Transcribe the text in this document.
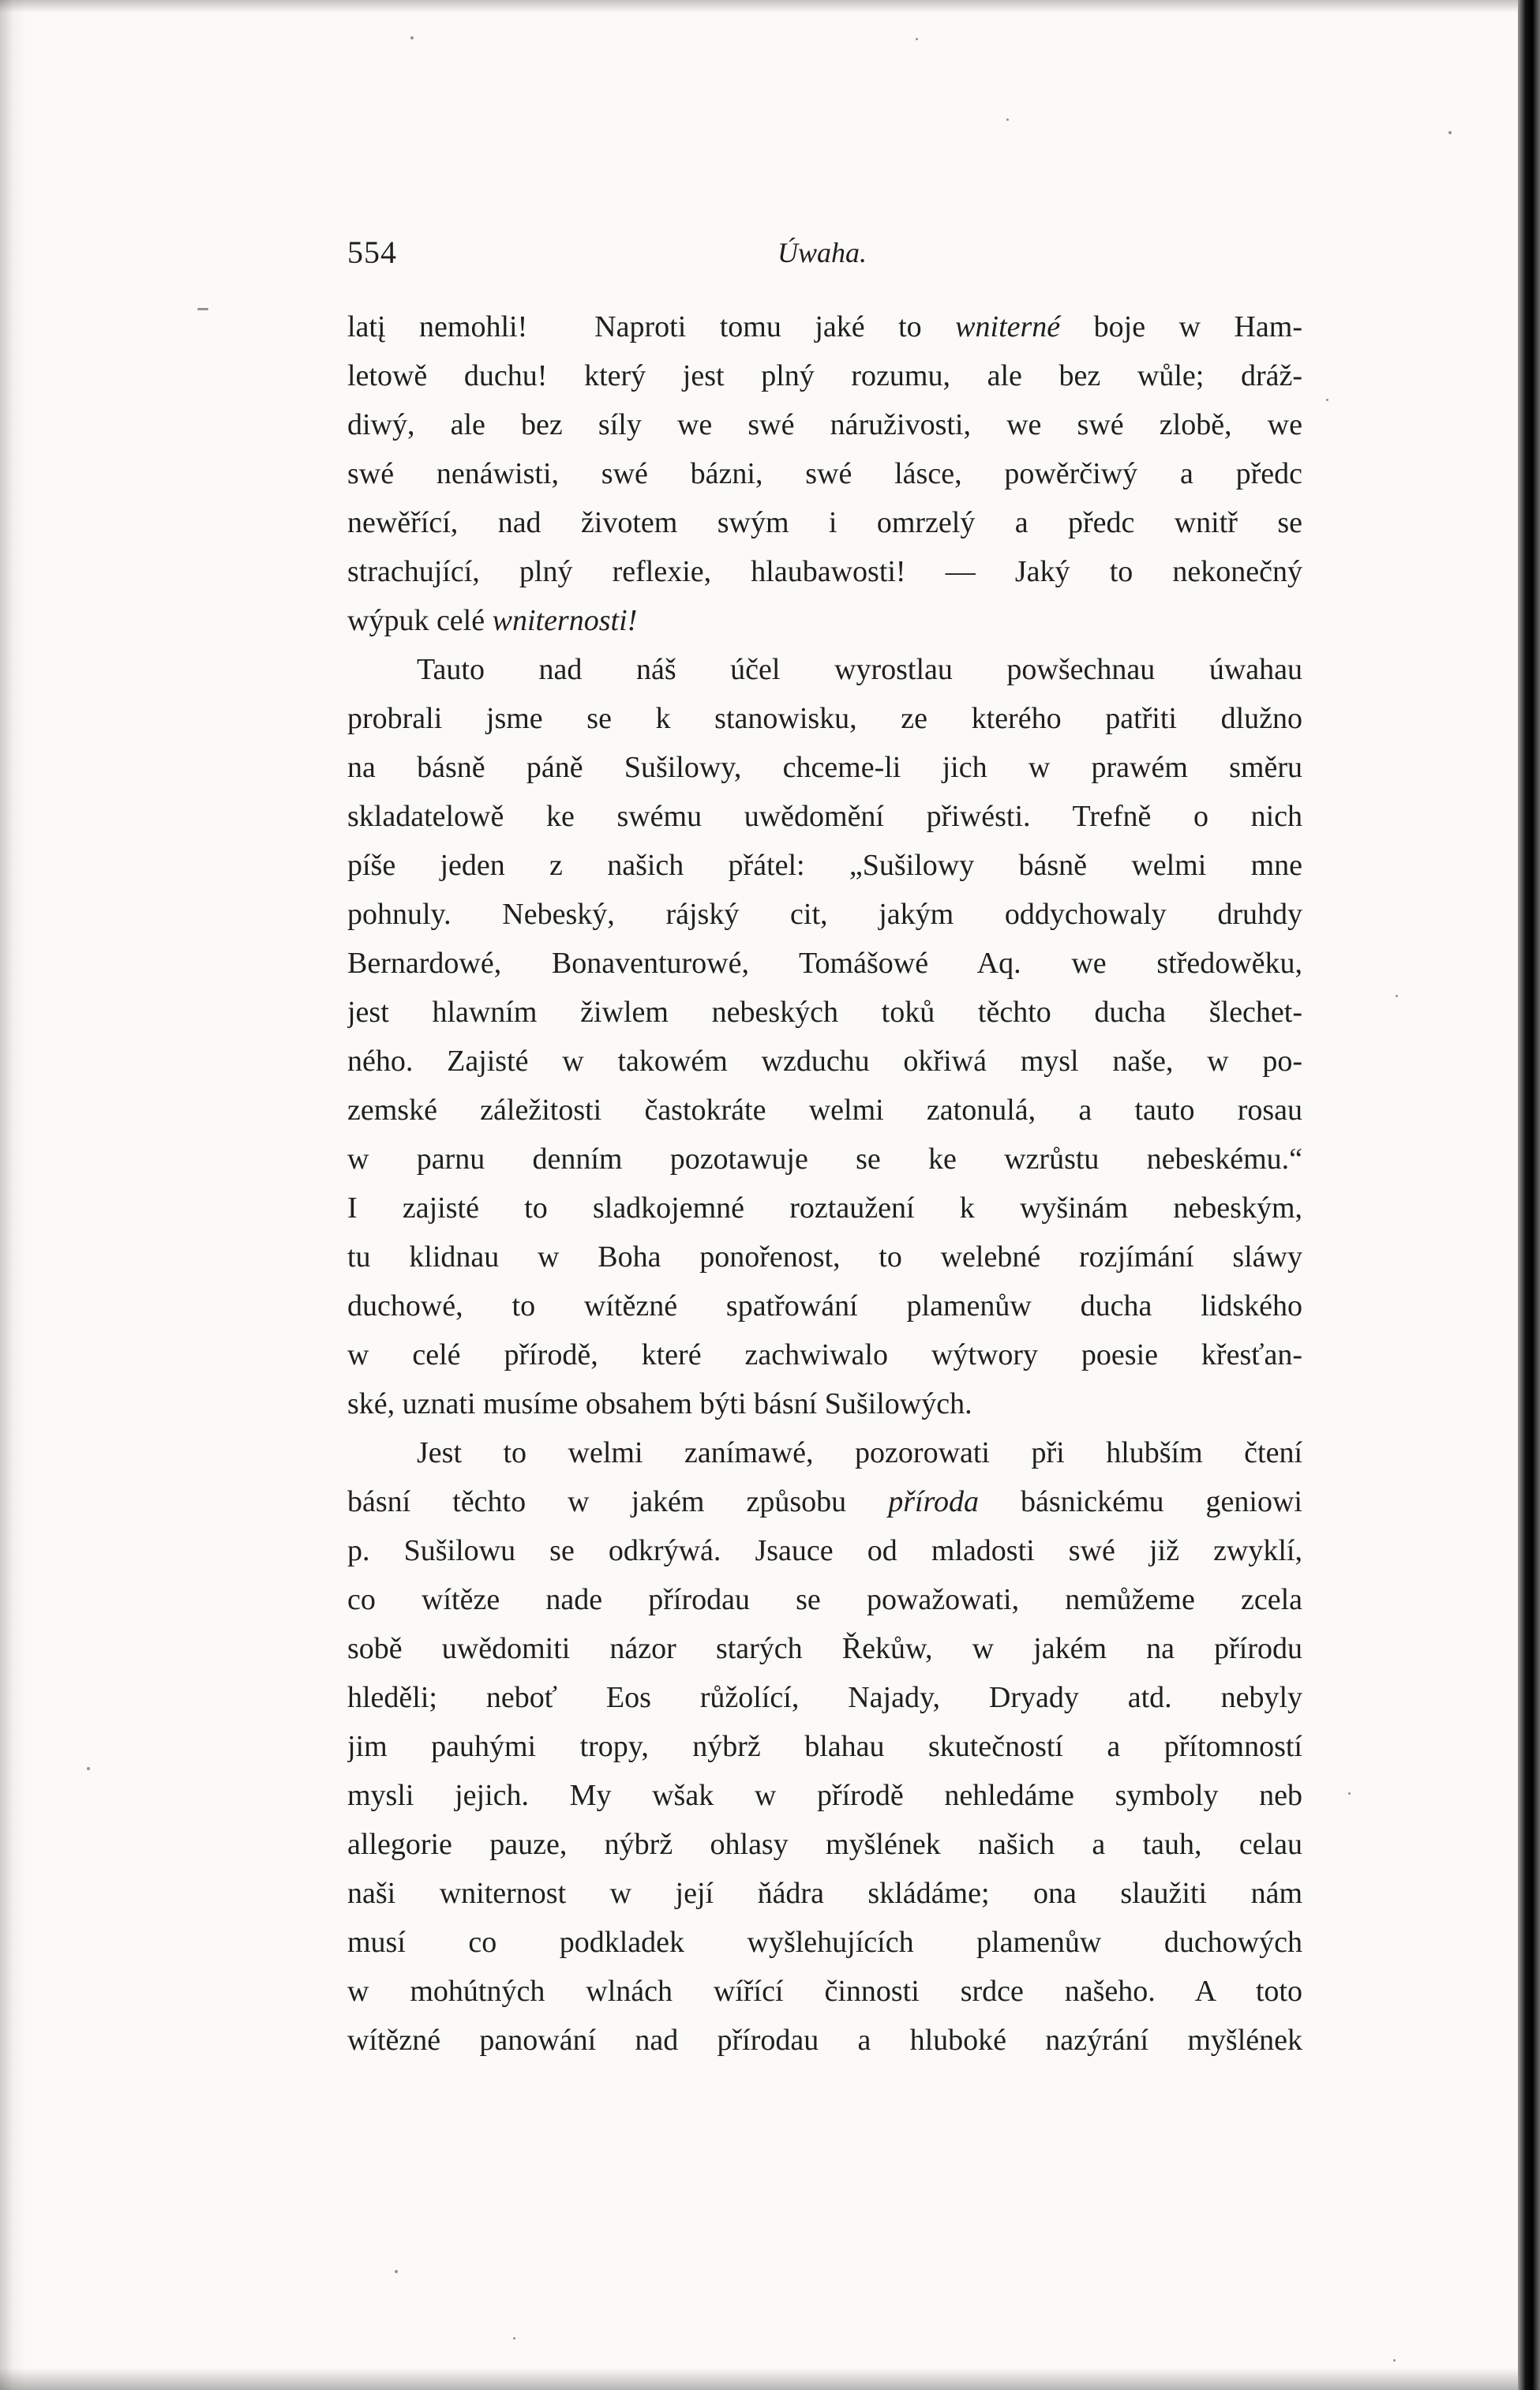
554	Úwaha.
latį nemohli!  Naproti tomu jaké to wniterné boje w Ham-
letowě duchu! který jest plný rozumu, ale bez wůle; dráž-
diwý, ale bez síly we swé náruživosti, we swé zlobě, we
swé nenáwisti, swé bázni, swé lásce, powěrčiwý a předc
newěřící, nad životem swým i omrzelý a předc wnitř se
strachující, plný reflexie, hlaubawosti! — Jaký to nekonečný
wýpuk celé wniternosti!
Tauto nad náš účel wyrostlau powšechnau úwahau
probrali jsme se k stanowisku, ze kterého patřiti dlužno
na básně páně Sušilowy, chceme-li jich w prawém směru
skladatelowě ke swému uwědomění přiwésti. Trefně o nich
píše jeden z našich přátel: „Sušilowy básně welmi mne
pohnuly. Nebeský, rájský cit, jakým oddychowaly druhdy
Bernardowé, Bonaventurowé, Tomášowé Aq. we středowěku,
jest hlawním žiwlem nebeských toků těchto ducha šlechet-
ného. Zajisté w takowém wzduchu okřiwá mysl naše, w po-
zemské záležitosti častokráte welmi zatonulá, a tauto rosau
w parnu denním pozotawuje se ke wzrůstu nebeskému.“
I zajisté to sladkojemné roztaužení k wyšinám nebeským,
tu klidnau w Boha ponořenost, to welebné rozjímání sláwy
duchowé, to wítězné spatřowání plamenůw ducha lidského
w celé přírodě, které zachwiwalo wýtwory poesie křesťan-
ské, uznati musíme obsahem býti básní Sušilowých.
Jest to welmi zanímawé, pozorowati při hlubším čtení
básní těchto w jakém způsobu příroda básnickému geniowi
p. Sušilowu se odkrýwá. Jsauce od mladosti swé již zwyklí,
co wítěze nade přírodau se powažowati, nemůžeme zcela
sobě uwědomiti názor starých Řekůw, w jakém na přírodu
hleděli; neboť Eos růžolící, Najady, Dryady atd. nebyly
jim pauhými tropy, nýbrž blahau skutečností a přítomností
mysli jejich. My wšak w přírodě nehledáme symboly neb
allegorie pauze, nýbrž ohlasy myšlének našich a tauh, celau
naši wniternost w její ňádra skládáme; ona slaužiti nám
musí co podkladek wyšlehujících plamenůw duchowých
w mohútných wlnách wířící činnosti srdce našeho. A toto
wítězné panowání nad přírodau a hluboké nazýrání myšlének
